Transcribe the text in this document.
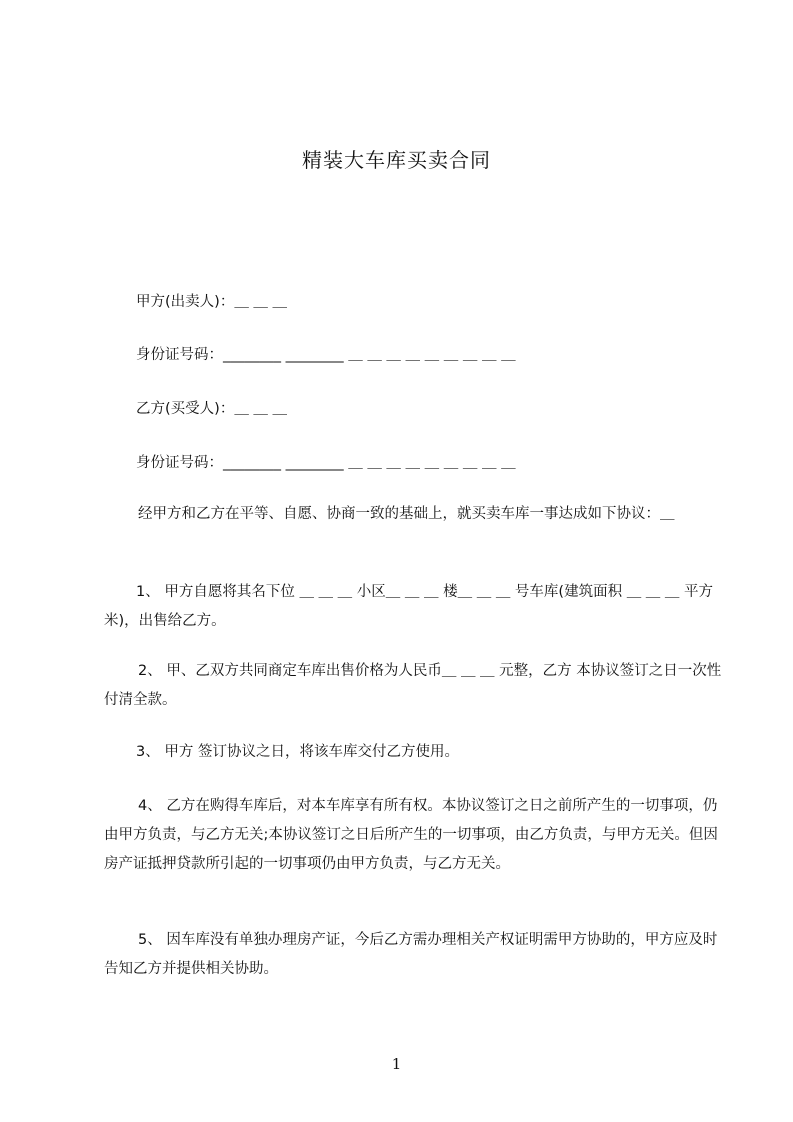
精装大车库买卖合同
甲方(出卖人)：＿ ＿ ＿
身份证号码：________ ________ ＿ ＿ ＿ ＿ ＿ ＿ ＿ ＿ ＿
乙方(买受人)：＿ ＿ ＿
身份证号码：________ ________ ＿ ＿ ＿ ＿ ＿ ＿ ＿ ＿ ＿
经甲方和乙方在平等、自愿、协商一致的基础上，就买卖车库一事达成如下协议：＿
1、 甲方自愿将其名下位 ＿ ＿ ＿ 小区＿ ＿ ＿ 楼＿ ＿ ＿ 号车库(建筑面积 ＿ ＿ ＿ 平方米)，出售给乙方。
2、 甲、乙双方共同商定车库出售价格为人民币＿ ＿ ＿ 元整，乙方 本协议签订之日一次性付清全款。
3、 甲方 签订协议之日，将该车库交付乙方使用。
4、 乙方在购得车库后，对本车库享有所有权。本协议签订之日之前所产生的一切事项，仍由甲方负责，与乙方无关;本协议签订之日后所产生的一切事项，由乙方负责，与甲方无关。但因房产证抵押贷款所引起的一切事项仍由甲方负责，与乙方无关。
5、 因车库没有单独办理房产证，今后乙方需办理相关产权证明需甲方协助的，甲方应及时告知乙方并提供相关协助。
1
